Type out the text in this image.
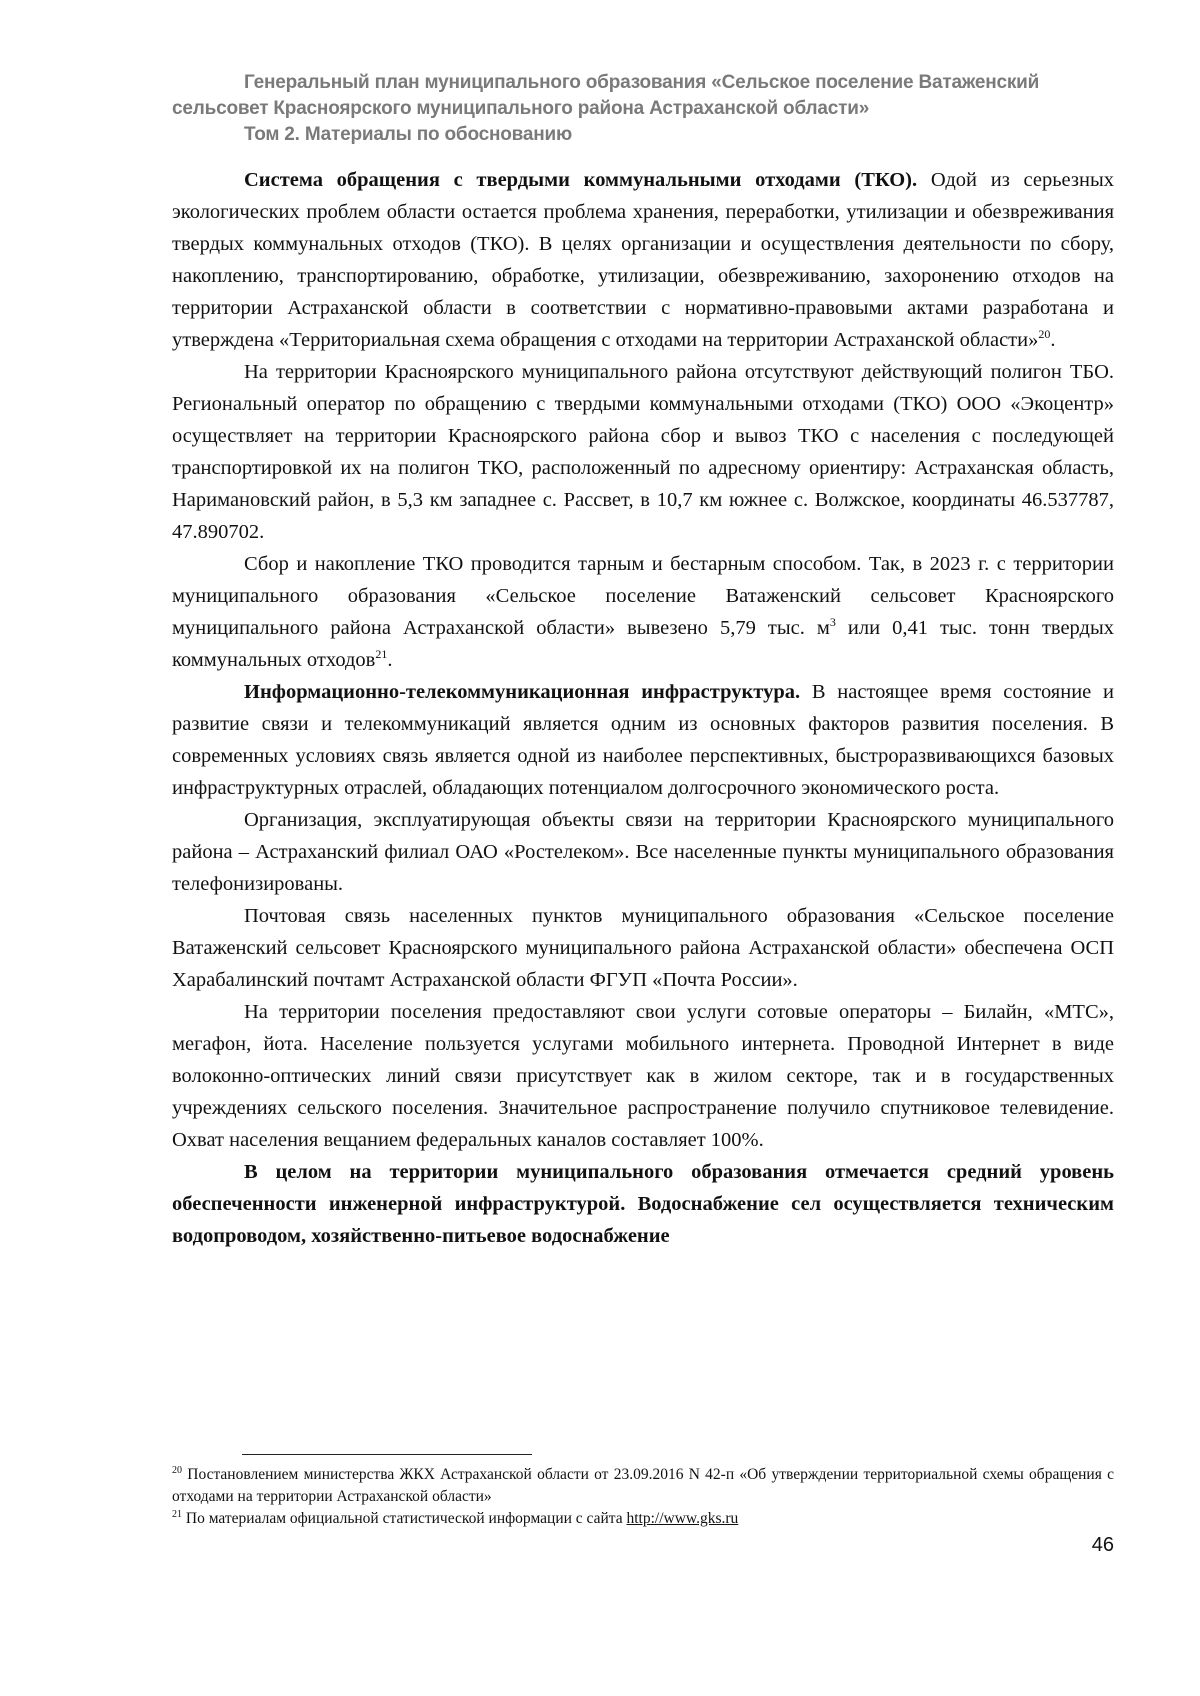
Генеральный план муниципального образования «Сельское поселение Ватаженский
сельсовет Красноярского муниципального района Астраханской области»
Том 2. Материалы по обоснованию

Система обращения с твердыми коммунальными отходами (ТКО). Одой из серьезных экологических проблем области остается проблема хранения, переработки, утилизации и обезвреживания твердых коммунальных отходов (ТКО). В целях организации и осуществления деятельности по сбору, накоплению, транспортированию, обработке, утилизации, обезвреживанию, захоронению отходов на территории Астраханской области в соответствии с нормативно-правовыми актами разработана и утверждена «Территориальная схема обращения с отходами на территории Астраханской области»$^{20}$.

На территории Красноярского муниципального района отсутствуют действующий полигон ТБО. Региональный оператор по обращению с твердыми коммунальными отходами (ТКО) ООО «Экоцентр» осуществляет на территории Красноярского района сбор и вывоз ТКО с населения с последующей транспортировкой их на полигон ТКО, расположенный по адресному ориентиру: Астраханская область, Наримановский район, в 5,3 км западнее с. Рассвет, в 10,7 км южнее с. Волжское, координаты 46.537787, 47.890702.

Сбор и накопление ТКО проводится тарным и бестарным способом. Так, в 2023 г. с территории муниципального образования «Сельское поселение Ватаженский сельсовет Красноярского муниципального района Астраханской области» вывезено 5,79 тыс. $м^3$ или 0,41 тыс. тонн твердых коммунальных отходов$^{21}$.

Информационно-телекоммуникационная инфраструктура. В настоящее время состояние и развитие связи и телекоммуникаций является одним из основных факторов развития поселения. В современных условиях связь является одной из наиболее перспективных, быстроразвивающихся базовых инфраструктурных отраслей, обладающих потенциалом долгосрочного экономического роста.

Организация, эксплуатирующая объекты связи на территории Красноярского муниципального района – Астраханский филиал ОАО «Ростелеком». Все населенные пункты муниципального образования телефонизированы.

Почтовая связь населенных пунктов муниципального образования «Сельское поселение Ватаженский сельсовет Красноярского муниципального района Астраханской области» обеспечена ОСП Харабалинский почтамт Астраханской области ФГУП «Почта России».

На территории поселения предоставляют свои услуги сотовые операторы – Билайн, «МТС», мегафон, йота. Население пользуется услугами мобильного интернета. Проводной Интернет в виде волоконно-оптических линий связи присутствует как в жилом секторе, так и в государственных учреждениях сельского поселения. Значительное распространение получило спутниковое телевидение. Охват населения вещанием федеральных каналов составляет 100%.

В целом на территории муниципального образования отмечается средний уровень обеспеченности инженерной инфраструктурой. Водоснабжение сел осуществляется техническим водопроводом, хозяйственно-питьевое водоснабжение

$^{20}$ Постановлением министерства ЖКХ Астраханской области от 23.09.2016 N 42-п «Об утверждении территориальной схемы обращения с отходами на территории Астраханской области»

$^{21}$ По материалам официальной статистической информации с сайта http://www.gks.ru

46
